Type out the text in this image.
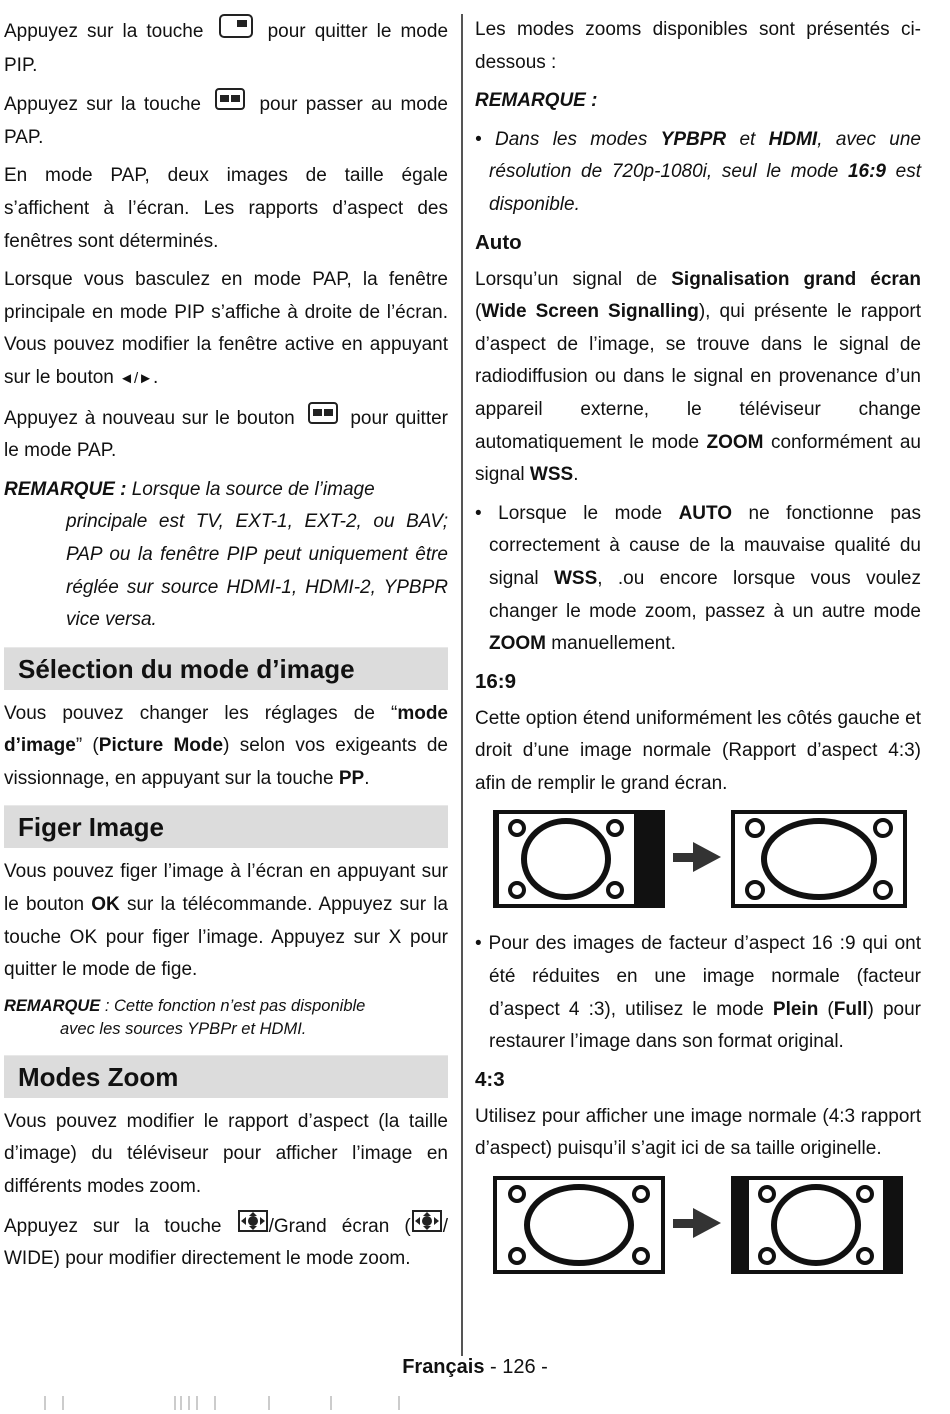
Appuyez sur la touche	pour quitter le mode PIP.

Appuyez sur la touche	pour passer au mode PAP.

En mode PAP, deux images de taille égale s’affichent à l’écran. Les rapports d’aspect des fenêtres sont déterminés.

Lorsque vous basculez en mode PAP, la fenêtre principale en mode PIP s’affiche à droite de l’écran. Vous pouvez modifier la fenêtre active en appuyant sur le bouton ◄/►.

Appuyez à nouveau sur le bouton	pour quitter le mode PAP.

REMARQUE : Lorsque la source de l’image

principale est TV, EXT-1, EXT-2, ou BAV; PAP ou la fenêtre PIP peut uniquement être réglée sur source HDMI-1, HDMI-2, YPBPR vice versa.

Sélection du mode d’image

Vous pouvez changer les réglages de “mode d’image” (Picture Mode) selon vos exigeants de vissionnage, en appuyant sur la touche PP.

Figer Image

Vous pouvez figer l’image à l’écran en appuyant sur le bouton OK sur la télécommande. Appuyez sur la touche OK pour figer l’image. Appuyez sur X pour quitter le mode de fige.

REMARQUE : Cette fonction n’est pas disponible
avec les sources YPBPr et HDMI.
Modes Zoom

Vous pouvez modifier le rapport d’aspect (la taille d’image) du téléviseur pour afficher l’image en différents modes zoom.

Appuyez sur la touche /Grand écran ( / WIDE) pour modifier directement le mode zoom.

Les modes zooms disponibles sont présentés ci-dessous :

REMARQUE :

• Dans les modes YPBPR et HDMI, avec une résolution de 720p-1080i, seul le mode 16:9 est disponible.

Auto

Lorsqu’un signal de Signalisation grand écran (Wide Screen Signalling), qui présente le rapport d’aspect de l’image, se trouve dans le signal de radiodiffusion ou dans le signal en provenance d’un appareil externe, le téléviseur change automatiquement le mode ZOOM conformément au signal WSS.

• Lorsque le mode AUTO ne fonctionne pas correctement à cause de la mauvaise qualité du signal WSS, .ou encore lorsque vous voulez changer le mode zoom, passez à un autre mode ZOOM manuellement.

16:9

Cette option étend uniformément les côtés gauche et droit d’une image normale (Rapport d’aspect 4:3) afin de remplir le grand écran.

• Pour des images de facteur d’aspect 16 :9 qui ont été réduites en une image normale (facteur d’aspect 4 :3), utilisez le mode Plein (Full) pour restaurer l’image dans son format original.

4:3

Utilisez pour afficher une image normale (4:3 rapport d’aspect) puisqu’il s’agit ici de sa taille originelle.

Français - 126 -
